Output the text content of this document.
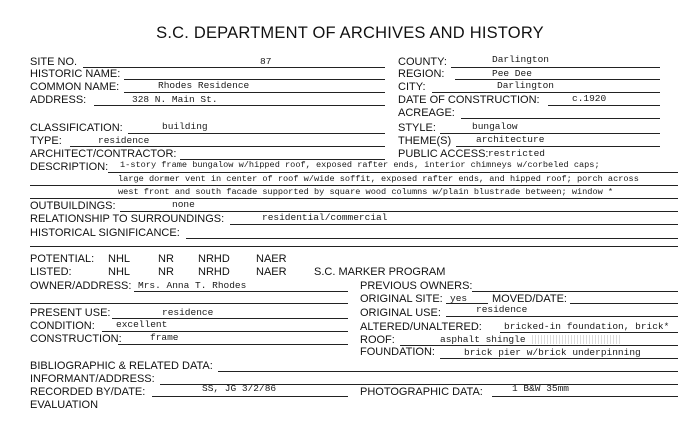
S.C. DEPARTMENT OF ARCHIVES AND HISTORY
SITE NO.	87
HISTORIC NAME:
COMMON NAME:	Rhodes Residence
ADDRESS:	328 N. Main St.
CLASSIFICATION:	building
TYPE:	residence
ARCHITECT/CONTRACTOR:
COUNTY:	Darlington
REGION:	Pee Dee
CITY:	Darlington
DATE OF CONSTRUCTION:	c.1920
ACREAGE:
STYLE:	bungalow
THEME(S)	architecture
PUBLIC ACCESS: restricted
DESCRIPTION: 1-story frame bungalow w/hipped roof, exposed rafter ends, interior chimneys w/corbeled caps;
large dormer vent in center of roof w/wide soffit, exposed rafter ends, and hipped roof; porch across
west front and south facade supported by square wood columns w/plain blustrade between; window *
OUTBUILDINGS:	none
RELATIONSHIP TO SURROUNDINGS:	residential/commercial
HISTORICAL SIGNIFICANCE:
POTENTIAL: NHL	NR NRHD NAER
LISTED:	NHL	NR NRHD NAER S.C. MARKER PROGRAM
OWNER/ADDRESS: Mrs. Anna T. Rhodes	PREVIOUS OWNERS:
ORIGINAL SITE: yes MOVED/DATE:
PRESENT USE:	residence	ORIGINAL USE:	residence
CONDITION: excellent	ALTERED/UNALTERED: bricked-in foundation, brick*
CONSTRUCTION:	frame	ROOF:	asphalt shingle
FOUNDATION:	brick pier w/brick underpinning
BIBLIOGRAPHIC & RELATED DATA:
INFORMANT/ADDRESS:
RECORDED BY/DATE:	SS, JG 3/2/86	PHOTOGRAPHIC DATA:	1 B&W 35mm
EVALUATION
